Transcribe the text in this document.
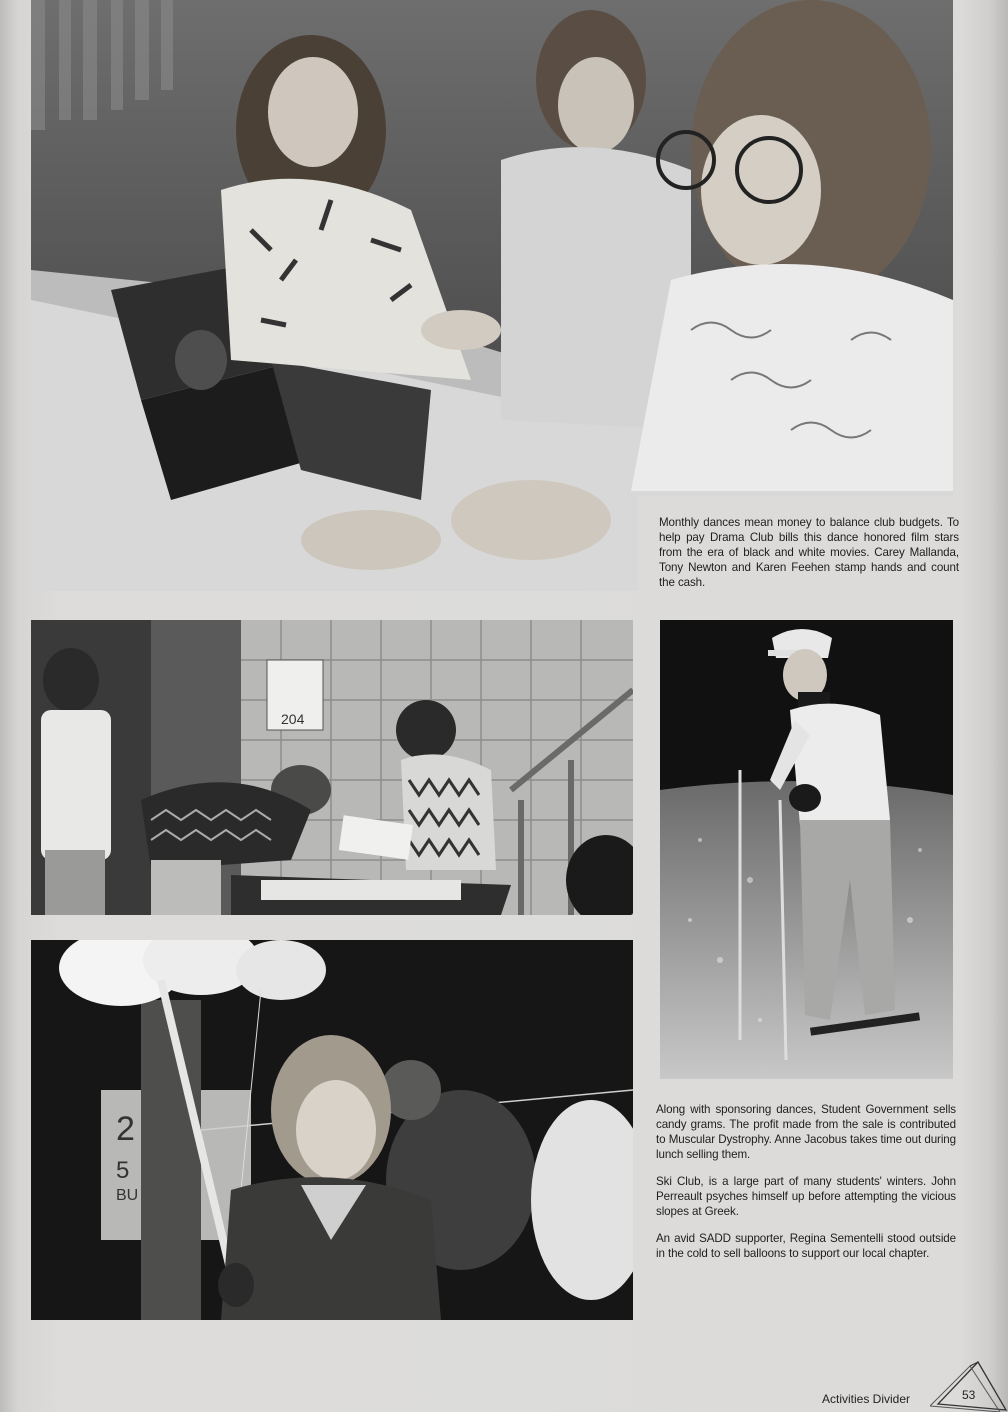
Monthly dances mean money to balance club budgets. To help pay Drama Club bills this dance honored film stars from the era of black and white movies. Carey Mallanda, Tony Newton and Karen Feehen stamp hands and count the cash.

204
2
5
BU

Along with sponsoring dances, Student Government sells candy grams. The profit made from the sale is contributed to Muscular Dystrophy. Anne Jacobus takes time out during lunch selling them.

Ski Club, is a large part of many students' winters. John Perreault psyches himself up before attempting the vicious slopes at Greek.

An avid SADD supporter, Regina Sementelli stood outside in the cold to sell balloons to support our local chapter.

Activities Divider	53
